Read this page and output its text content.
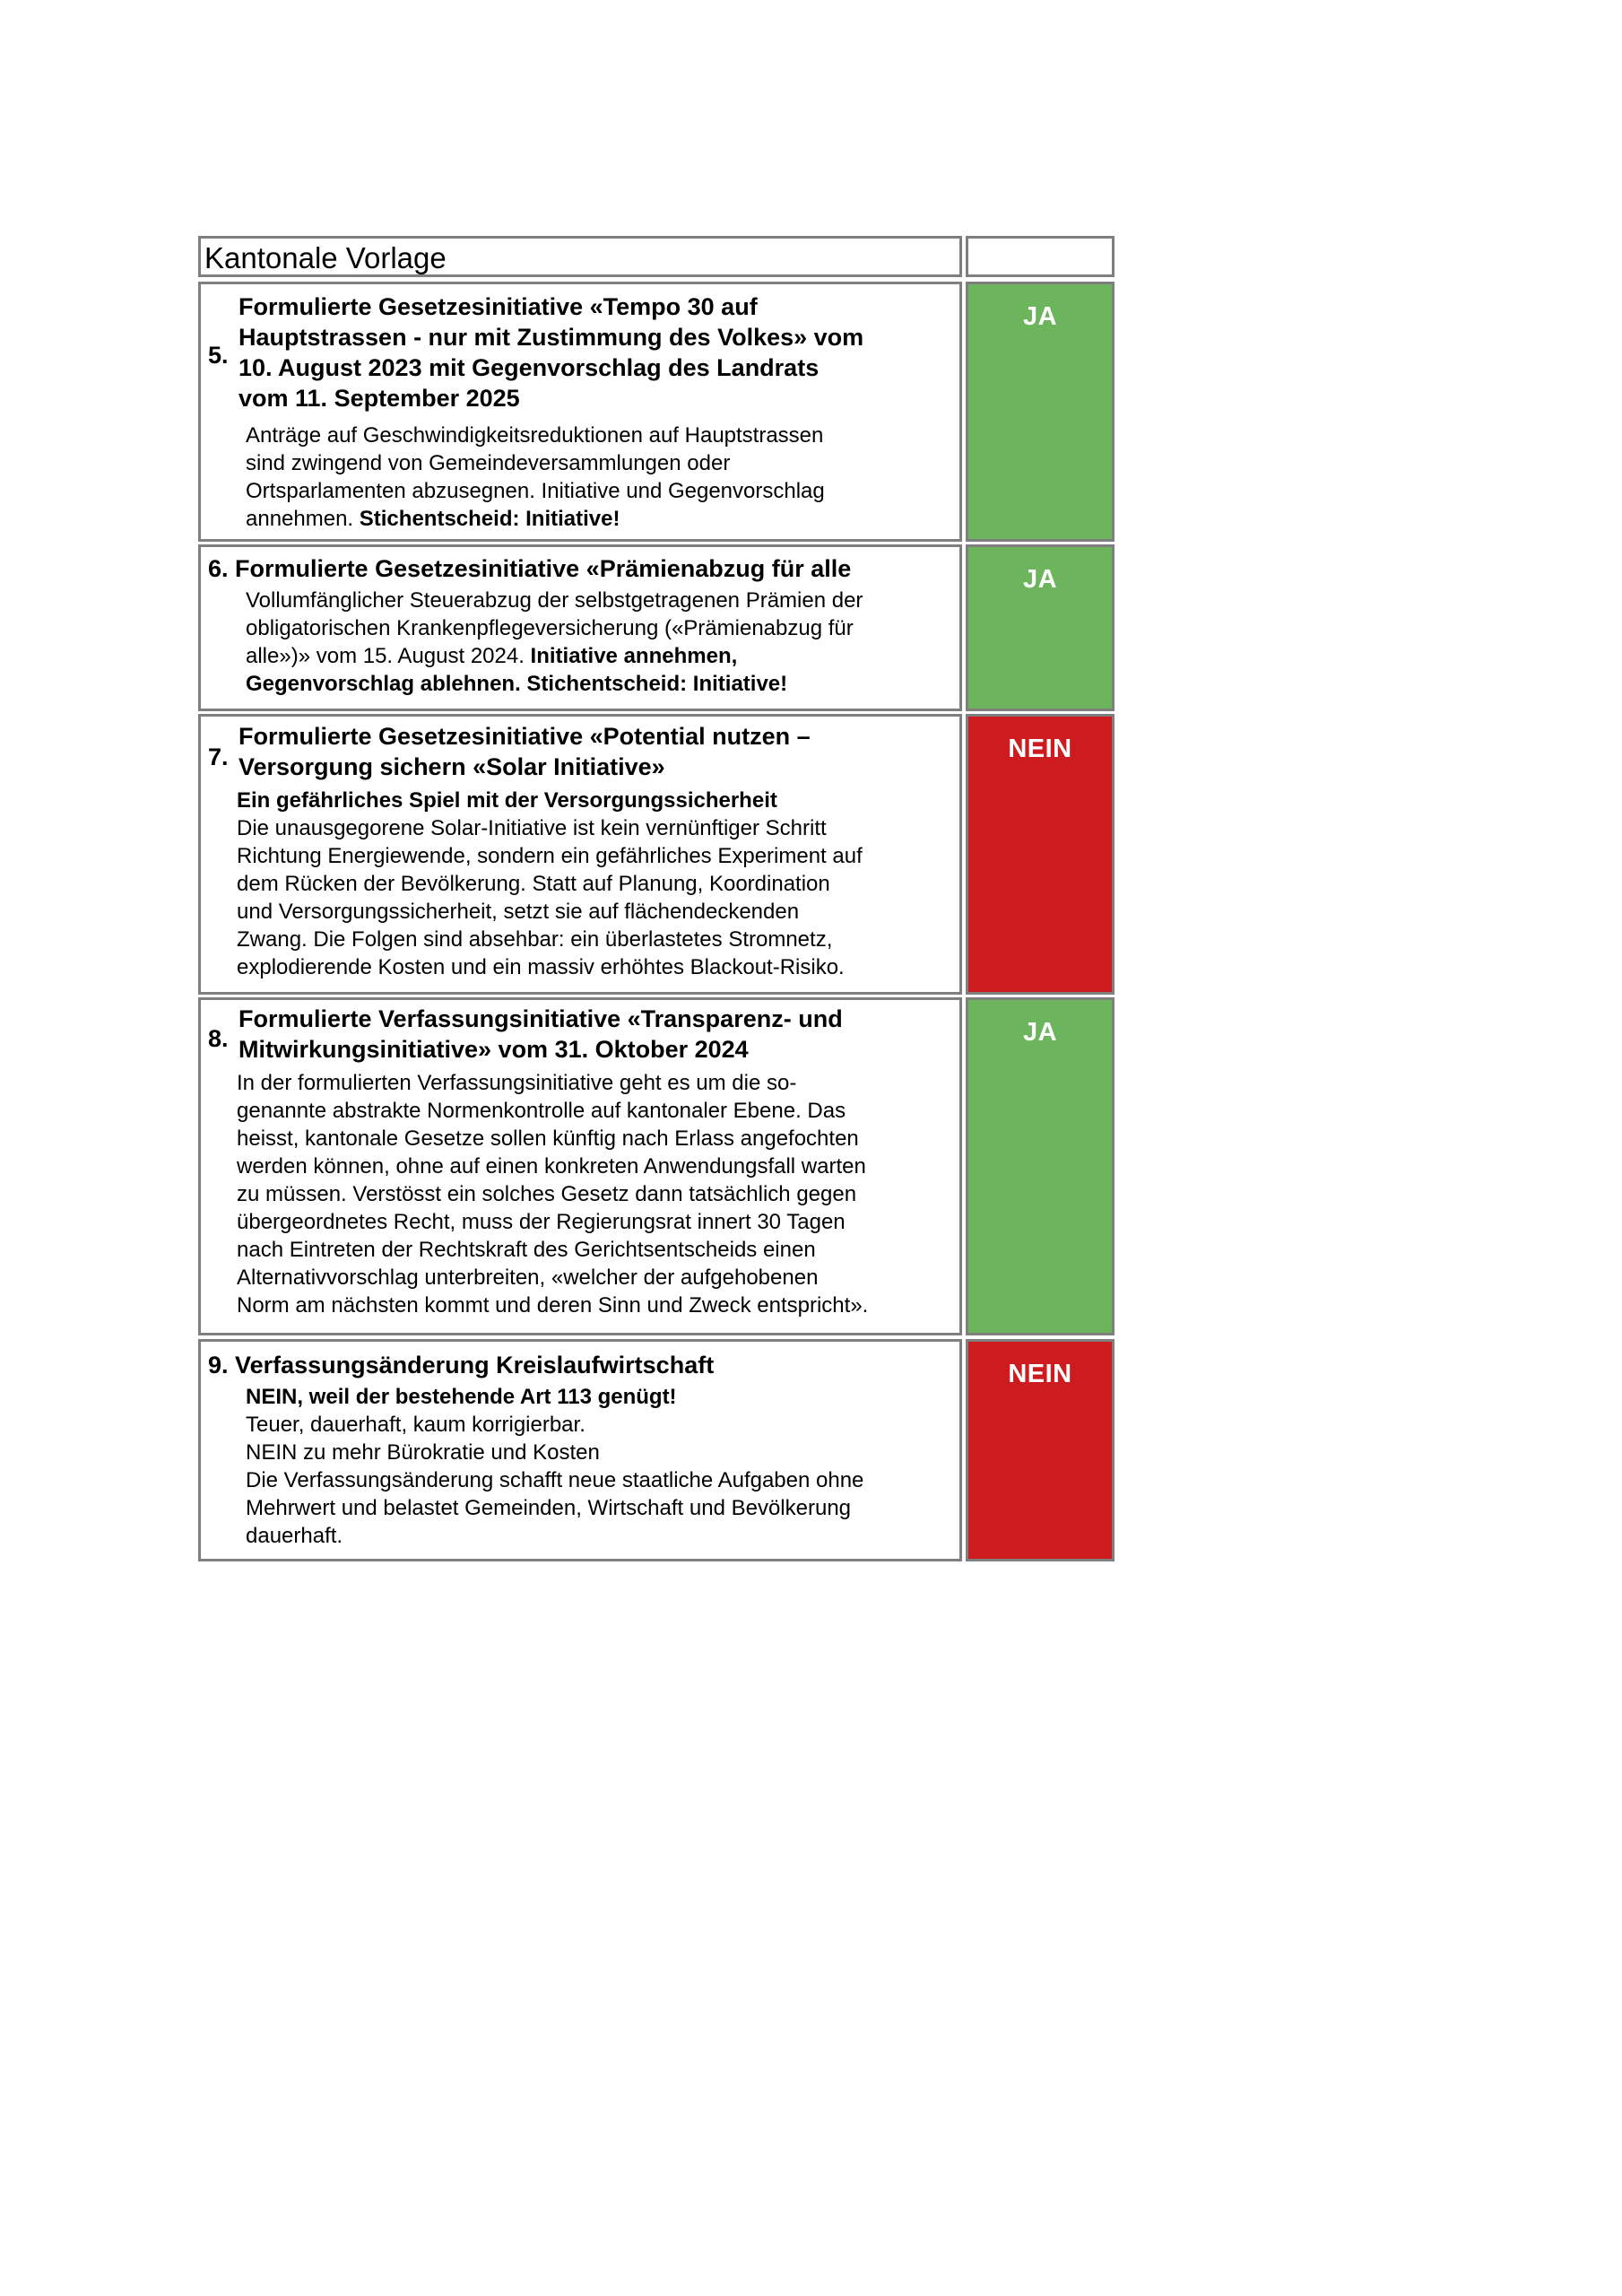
Kantonale Vorlage
5.
Formulierte Gesetzesinitiative «Tempo 30 auf
Hauptstrassen - nur mit Zustimmung des Volkes» vom
10. August 2023 mit Gegenvorschlag des Landrats
vom 11. September 2025
Anträge auf Geschwindigkeitsreduktionen auf Hauptstrassen
sind zwingend von Gemeindeversammlungen oder
Ortsparlamenten abzusegnen. Initiative und Gegenvorschlag
annehmen. Stichentscheid: Initiative!
JA
6. Formulierte Gesetzesinitiative «Prämienabzug für alle
Vollumfänglicher Steuerabzug der selbstgetragenen Prämien der
obligatorischen Krankenpflegeversicherung («Prämienabzug für
alle»)» vom 15. August 2024. Initiative annehmen,
Gegenvorschlag ablehnen. Stichentscheid: Initiative!
JA
7.
Formulierte Gesetzesinitiative «Potential nutzen –
Versorgung sichern «Solar Initiative»
Ein gefährliches Spiel mit der Versorgungssicherheit
Die unausgegorene Solar-Initiative ist kein vernünftiger Schritt
Richtung Energiewende, sondern ein gefährliches Experiment auf
dem Rücken der Bevölkerung. Statt auf Planung, Koordination
und Versorgungssicherheit, setzt sie auf flächendeckenden
Zwang. Die Folgen sind absehbar: ein überlastetes Stromnetz,
explodierende Kosten und ein massiv erhöhtes Blackout-Risiko.
NEIN
8.
Formulierte Verfassungsinitiative «Transparenz- und
Mitwirkungsinitiative» vom 31. Oktober 2024
In der formulierten Verfassungsinitiative geht es um die so-
genannte abstrakte Normenkontrolle auf kantonaler Ebene. Das
heisst, kantonale Gesetze sollen künftig nach Erlass angefochten
werden können, ohne auf einen konkreten Anwendungsfall warten
zu müssen. Verstösst ein solches Gesetz dann tatsächlich gegen
übergeordnetes Recht, muss der Regierungsrat innert 30 Tagen
nach Eintreten der Rechtskraft des Gerichtsentscheids einen
Alternativvorschlag unterbreiten, «welcher der aufgehobenen
Norm am nächsten kommt und deren Sinn und Zweck entspricht».
JA
9. Verfassungsänderung Kreislaufwirtschaft
NEIN, weil der bestehende Art 113 genügt!
Teuer, dauerhaft, kaum korrigierbar.
NEIN zu mehr Bürokratie und Kosten
Die Verfassungsänderung schafft neue staatliche Aufgaben ohne
Mehrwert und belastet Gemeinden, Wirtschaft und Bevölkerung
dauerhaft.
NEIN
